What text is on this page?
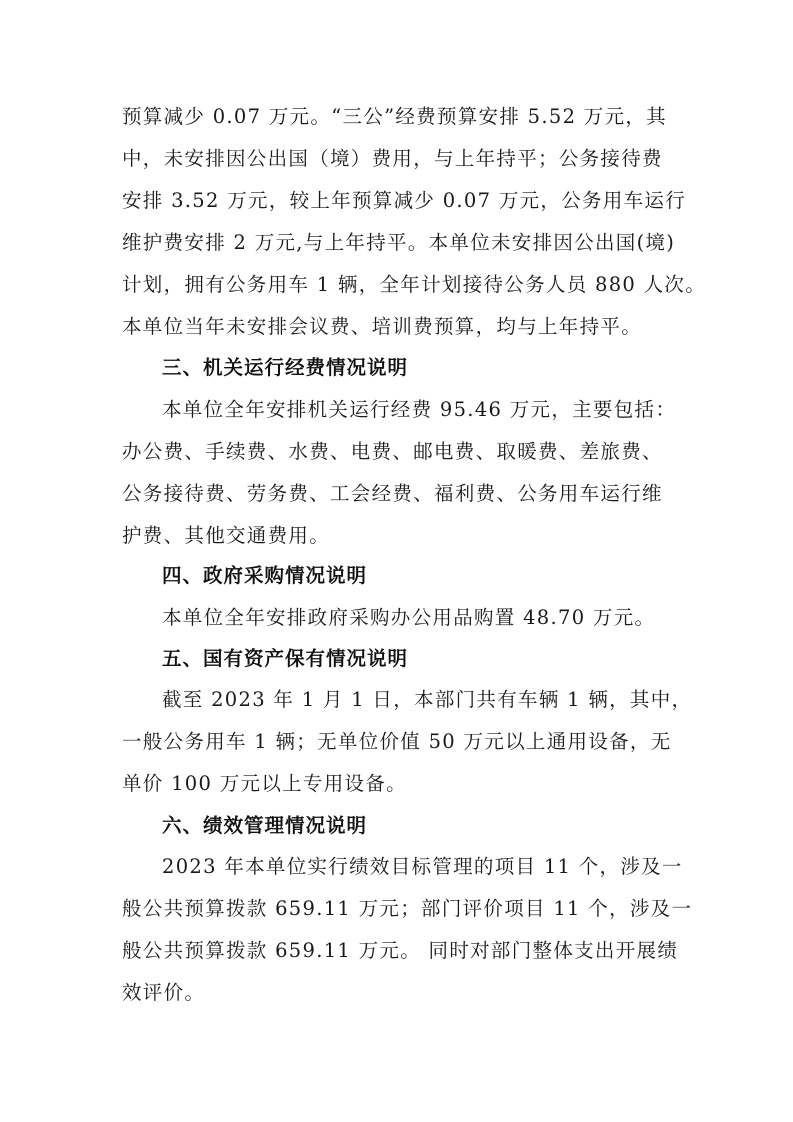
预算减少 0.07 万元。“三公”经费预算安排 5.52 万元，其
中，未安排因公出国（境）费用，与上年持平；公务接待费
安排 3.52 万元，较上年预算减少 0.07 万元，公务用车运行
维护费安排 2 万元,与上年持平。本单位未安排因公出国(境)
计划，拥有公务用车 1 辆，全年计划接待公务人员 880 人次。
本单位当年未安排会议费、培训费预算，均与上年持平。
三、机关运行经费情况说明
本单位全年安排机关运行经费 95.46 万元，主要包括：
办公费、手续费、水费、电费、邮电费、取暖费、差旅费、
公务接待费、劳务费、工会经费、福利费、公务用车运行维
护费、其他交通费用。
四、政府采购情况说明
本单位全年安排政府采购办公用品购置 48.70 万元。
五、国有资产保有情况说明
截至 2023 年 1 月 1 日，本部门共有车辆 1 辆，其中，
一般公务用车 1 辆；无单位价值 50 万元以上通用设备，无
单价 100 万元以上专用设备。
六、绩效管理情况说明
2023 年本单位实行绩效目标管理的项目 11 个，涉及一
般公共预算拨款 659.11 万元；部门评价项目 11 个，涉及一
般公共预算拨款 659.11 万元。 同时对部门整体支出开展绩
效评价。
